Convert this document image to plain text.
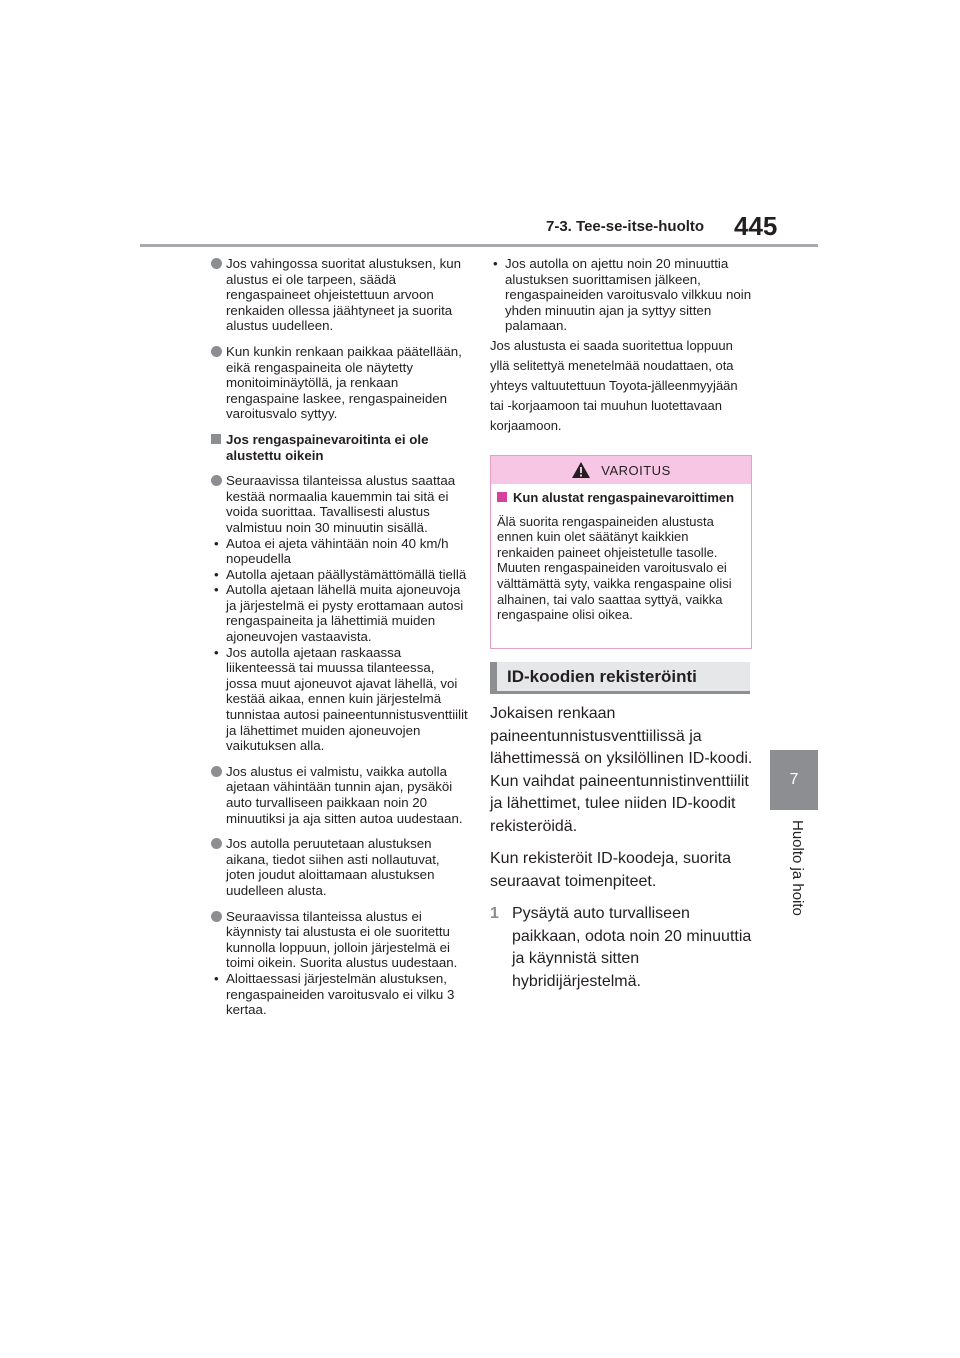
7-3. Tee-se-itse-huolto 445
7
Huolto ja hoito
Jos vahingossa suoritat alustuksen, kun alustus ei ole tarpeen, säädä rengaspaineet ohjeistettuun arvoon renkaiden ollessa jäähtyneet ja suorita alustus uudelleen.
Kun kunkin renkaan paikkaa päätellään, eikä rengaspaineita ole näytetty monitoiminäytöllä, ja renkaan rengaspaine laskee, rengaspaineiden varoitusvalo syttyy.
Jos rengaspainevaroitinta ei ole alustettu oikein
Seuraavissa tilanteissa alustus saattaa kestää normaalia kauemmin tai sitä ei voida suorittaa. Tavallisesti alustus valmistuu noin 30 minuutin sisällä.
• Autoa ei ajeta vähintään noin 40 km/h nopeudella
• Autolla ajetaan päällystämättömällä tiellä
• Autolla ajetaan lähellä muita ajoneuvoja ja järjestelmä ei pysty erottamaan autosi rengaspaineita ja lähettimiä muiden ajoneuvojen vastaavista.
• Jos autolla ajetaan raskaassa liikenteessä tai muussa tilanteessa, jossa muut ajoneuvot ajavat lähellä, voi kestää aikaa, ennen kuin järjestelmä tunnistaa autosi paineentunnistusventtiilit ja lähettimet muiden ajoneuvojen vaikutuksen alla.
Jos alustus ei valmistu, vaikka autolla ajetaan vähintään tunnin ajan, pysäköi auto turvalliseen paikkaan noin 20 minuutiksi ja aja sitten autoa uudestaan.
Jos autolla peruutetaan alustuksen aikana, tiedot siihen asti nollautuvat, joten joudut aloittamaan alustuksen uudelleen alusta.
Seuraavissa tilanteissa alustus ei käynnisty tai alustusta ei ole suoritettu kunnolla loppuun, jolloin järjestelmä ei toimi oikein. Suorita alustus uudestaan.
• Aloittaessasi järjestelmän alustuksen, rengaspaineiden varoitusvalo ei vilku 3 kertaa.
• Jos autolla on ajettu noin 20 minuuttia alustuksen suorittamisen jälkeen, rengaspaineiden varoitusvalo vilkkuu noin yhden minuutin ajan ja syttyy sitten palamaan.

Jos alustusta ei saada suoritettua loppuun yllä selitettyä menetelmää noudattaen, ota yhteys valtuutettuun Toyota-jälleenmyyjään tai -korjaamoon tai muuhun luotettavaan korjaamoon.

VAROITUS
Kun alustat rengaspainevaroittimen
Älä suorita rengaspaineiden alustusta ennen kuin olet säätänyt kaikkien renkaiden paineet ohjeistetulle tasolle. Muuten rengaspaineiden varoitusvalo ei välttämättä syty, vaikka rengaspaine olisi alhainen, tai valo saattaa syttyä, vaikka rengaspaine olisi oikea.
ID-koodien rekisteröinti

Jokaisen renkaan paineentunnistusventtiilissä ja lähettimessä on yksilöllinen ID-koodi. Kun vaihdat paineentunnistinventtiilit ja lähettimet, tulee niiden ID-koodit rekisteröidä.

Kun rekisteröit ID-koodeja, suorita seuraavat toimenpiteet.

1 Pysäytä auto turvalliseen paikkaan, odota noin 20 minuuttia ja käynnistä sitten hybridijärjestelmä.
